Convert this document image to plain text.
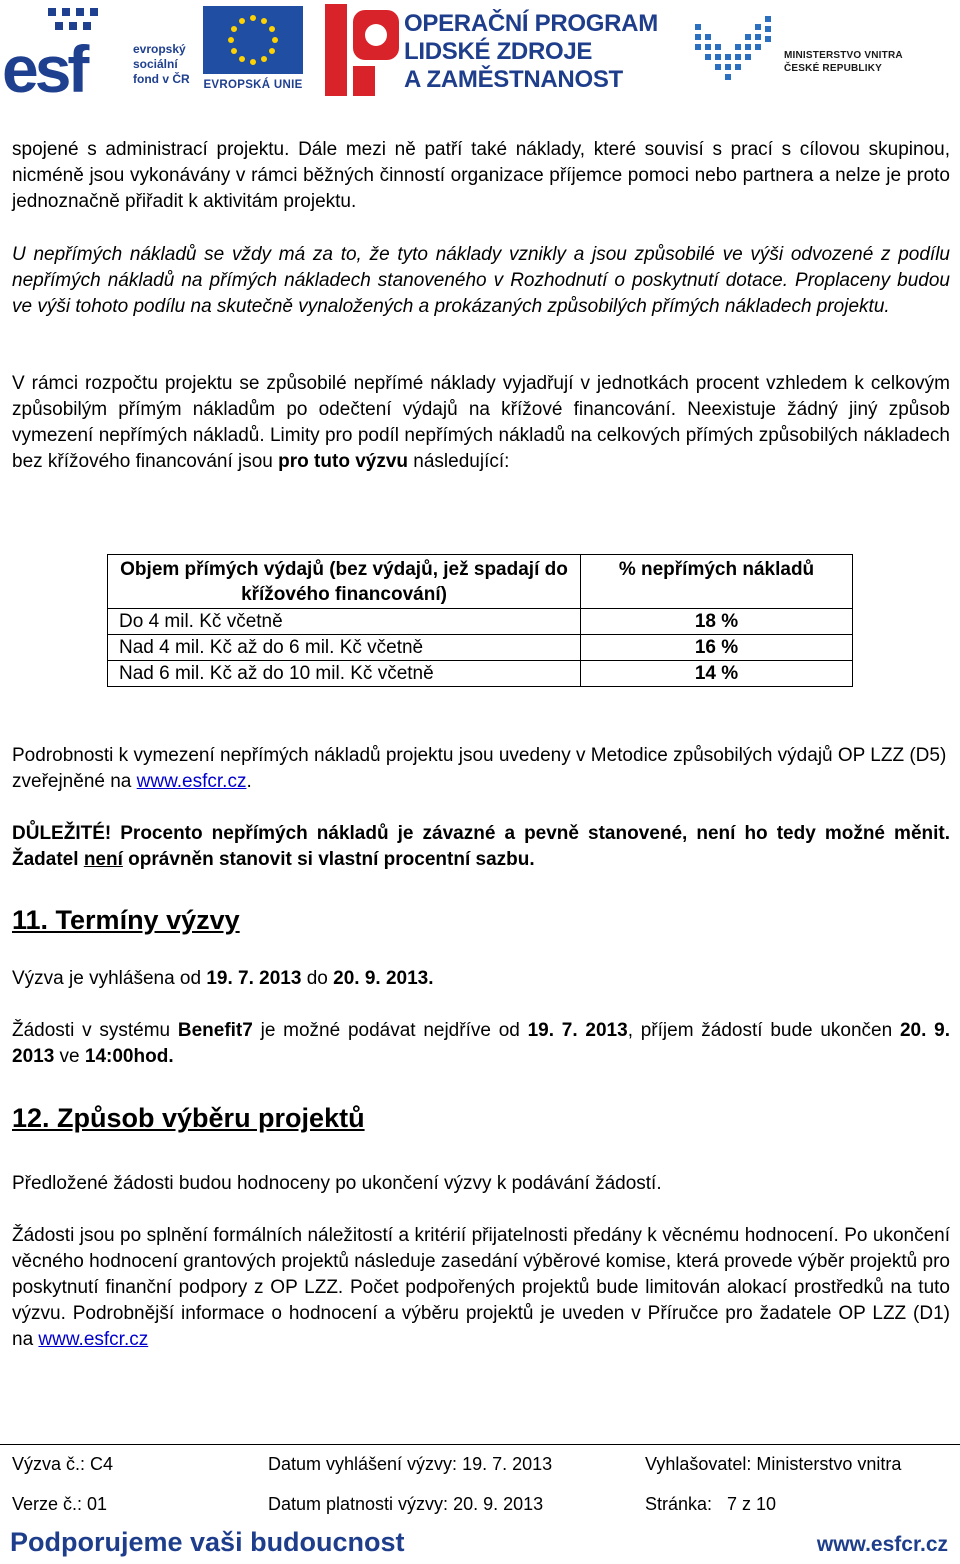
esf	evropský
sociální
fond v ČR EVROPSKÁ UNIE
OPERAČNÍ PROGRAM
LIDSKÉ ZDROJE
A ZAMĚSTNANOST
MINISTERSTVO VNITRA
ČESKÉ REPUBLIKY
spojené s administrací projektu. Dále mezi ně patří také náklady, které souvisí s prací s cílovou skupinou, nicméně jsou vykonávány v rámci běžných činností organizace příjemce pomoci nebo partnera a nelze je proto jednoznačně přiřadit k aktivitám projektu.
U nepřímých nákladů se vždy má za to, že tyto náklady vznikly a jsou způsobilé ve výši odvozené z podílu nepřímých nákladů na přímých nákladech stanoveného v Rozhodnutí o poskytnutí dotace. Proplaceny budou ve výši tohoto podílu na skutečně vynaložených a prokázaných způsobilých přímých nákladech projektu.
V rámci rozpočtu projektu se způsobilé nepřímé náklady vyjadřují v jednotkách procent vzhledem k celkovým způsobilým přímým nákladům po odečtení výdajů na křížové financování. Neexistuje žádný jiný způsob vymezení nepřímých nákladů. Limity pro podíl nepřímých nákladů na celkových přímých způsobilých nákladech bez křížového financování jsou pro tuto výzvu následující:
Objem přímých výdajů (bez výdajů, jež spadají do křížového financování)	% nepřímých nákladů
Do 4 mil. Kč včetně	18 %
Nad 4 mil. Kč až do 6 mil. Kč včetně	16 %
Nad 6 mil. Kč až do 10 mil. Kč včetně	14 %
Podrobnosti k vymezení nepřímých nákladů projektu jsou uvedeny v Metodice způsobilých výdajů OP LZZ (D5) zveřejněné na www.esfcr.cz.
DŮLEŽITÉ! Procento nepřímých nákladů je závazné a pevně stanovené, není ho tedy možné měnit. Žadatel není oprávněn stanovit si vlastní procentní sazbu.
11. Termíny výzvy
Výzva je vyhlášena od 19. 7. 2013 do 20. 9. 2013.
Žádosti v systému Benefit7 je možné podávat nejdříve od 19. 7. 2013, příjem žádostí bude ukončen 20. 9. 2013 ve 14:00hod.
12. Způsob výběru projektů
Předložené žádosti budou hodnoceny po ukončení výzvy k podávání žádostí.
Žádosti jsou po splnění formálních náležitostí a kritérií přijatelnosti předány k věcnému hodnocení. Po ukončení věcného hodnocení grantových projektů následuje zasedání výběrové komise, která provede výběr projektů pro poskytnutí finanční podpory z OP LZZ. Počet podpořených projektů bude limitován alokací prostředků na tuto výzvu. Podrobnější informace o hodnocení a výběru projektů je uveden v Příručce pro žadatele OP LZZ (D1) na www.esfcr.cz
Výzva č.: C4	Datum vyhlášení výzvy: 19. 7. 2013	Vyhlašovatel: Ministerstvo vnitra
Verze č.: 01	Datum platnosti výzvy: 20. 9. 2013	Stránka:   7 z 10
Podporujeme vaši budoucnost	www.esfcr.cz
